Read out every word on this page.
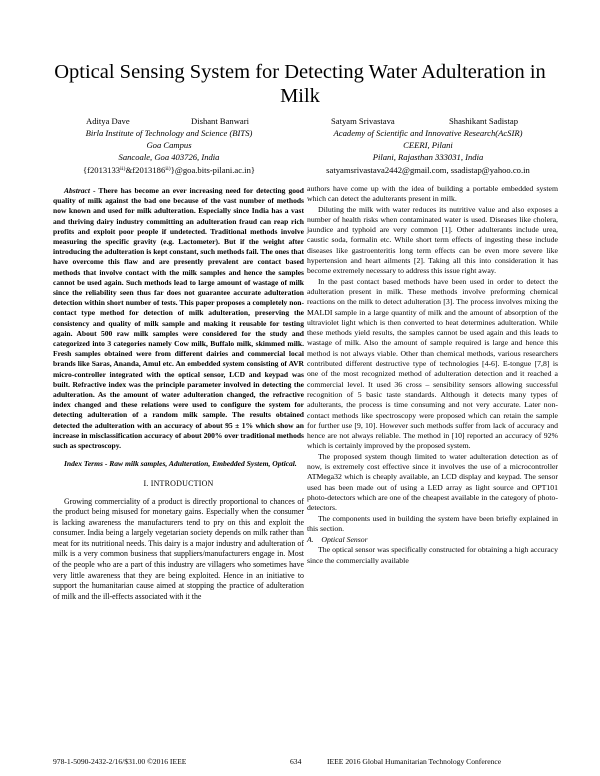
Optical Sensing System for Detecting Water Adulteration in Milk
Aditya Dave	Dishant Banwari	Satyam Srivastava	Shashikant Sadistap
Birla Institute of Technology and Science (BITS)
Goa Campus
Sancoale, Goa 403726, India
{f2013133ⁱⁱ⁾&f2013186ⁱⁱ⁾}@goa.bits-pilani.ac.in}
Academy of Scientific and Innovative Research(AcSIR)
CEERI, Pilani
Pilani, Rajasthan 333031, India
satyamsrivastava2442@gmail.com, ssadistap@yahoo.co.in

Abstract - There has become an ever increasing need for detecting good quality of milk against the bad one because of the vast number of methods now known and used for milk adulteration. Especially since India has a vast and thriving dairy industry committing an adulteration fraud can reap rich profits and exploit poor people if undetected. Traditional methods involve measuring the specific gravity (e.g. Lactometer). But if the weight after introducing the adulteration is kept constant, such methods fail. The ones that have overcome this flaw and are presently prevalent are contact based methods that involve contact with the milk samples and hence the samples cannot be used again. Such methods lead to large amount of wastage of milk since the reliability seen thus far does not guarantee accurate adulteration detection within short number of tests. This paper proposes a completely non-contact type method for detection of milk adulteration, preserving the consistency and quality of milk sample and making it reusable for testing again. About 500 raw milk samples were considered for the study and categorized into 3 categories namely Cow milk, Buffalo milk, skimmed milk. Fresh samples obtained were from different dairies and commercial local brands like Saras, Ananda, Amul etc. An embedded system consisting of AVR micro-controller integrated with the optical sensor, LCD and keypad was built. Refractive index was the principle parameter involved in detecting the adulteration. As the amount of water adulteration changed, the refractive index changed and these relations were used to configure the system for detecting adulteration of a random milk sample. The results obtained detected the adulteration with an accuracy of about 95 ± 1% which show an increase in misclassification accuracy of about 200% over traditional methods such as spectroscopy.

Index Terms - Raw milk samples, Adulteration, Embedded System, Optical.

I. INTRODUCTION

Growing commerciality of a product is directly proportional to chances of the product being misused for monetary gains. Especially when the consumer is lacking awareness the manufacturers tend to pry on this and exploit the consumer. India being a largely vegetarian society depends on milk rather than meat for its nutritional needs. This dairy is a major industry and adulteration of milk is a very common business that suppliers/manufacturers engage in. Most of the people who are a part of this industry are villagers who sometimes have very little awareness that they are being exploited. Hence in an initiative to support the humanitarian cause aimed at stopping the practice of adulteration of milk and the ill-effects associated with it the

authors have come up with the idea of building a portable embedded system which can detect the adulterants present in milk.

Diluting the milk with water reduces its nutritive value and also exposes a number of health risks when contaminated water is used. Diseases like cholera, jaundice and typhoid are very common [1]. Other adulterants include urea, caustic soda, formalin etc. While short term effects of ingesting these include diseases like gastroenteritis long term effects can be even more severe like hypertension and heart ailments [2]. Taking all this into consideration it has become extremely necessary to address this issue right away.

In the past contact based methods have been used in order to detect the adulteration present in milk. These methods involve preforming chemical reactions on the milk to detect adulteration [3]. The process involves mixing the MALDI sample in a large quantity of milk and the amount of absorption of the ultraviolet light which is then converted to heat determines adulteration. While these methods yield results, the samples cannot be used again and this leads to wastage of milk. Also the amount of sample required is large and hence this method is not always viable. Other than chemical methods, various researchers contributed different destructive type of technologies [4-6]. E-tongue [7,8] is one of the most recognized method of adulteration detection and it reached a commercial level. It used 36 cross – sensibility sensors allowing successful recognition of 5 basic taste standards. Although it detects many types of adulterants, the process is time consuming and not very accurate. Later non-contact methods like spectroscopy were proposed which can retain the sample for further use [9, 10]. However such methods suffer from lack of accuracy and hence are not always reliable. The method in [10] reported an accuracy of 92% which is certainly improved by the proposed system.

The proposed system though limited to water adulteration detection as of now, is extremely cost effective since it involves the use of a microcontroller ATMega32 which is cheaply available, an LCD display and keypad. The sensor used has been made out of using a LED array as light source and OPT101 photo-detectors which are one of the cheapest available in the category of photo-detectors.

The components used in building the system have been briefly explained in this section.

A. Optical Sensor

The optical sensor was specifically constructed for obtaining a high accuracy since the commercially available

978-1-5090-2432-2/16/$31.00 ©2016 IEEE	634	IEEE 2016 Global Humanitarian Technology Conference
